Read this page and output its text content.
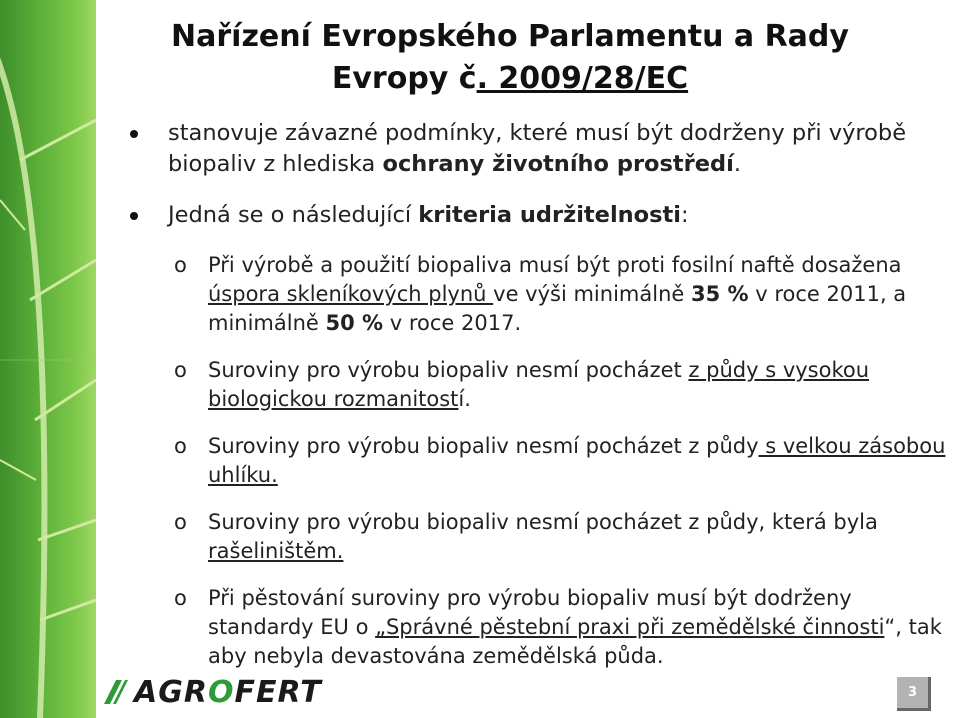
Nařízení Evropského Parlamentu a Rady
Evropy č. 2009/28/EC
stanovuje závazné podmínky, které musí být dodrženy při výrobě biopaliv z hlediska ochrany životního prostředí.
Jedná se o následující kriteria udržitelnosti:
o Při výrobě a použití biopaliva musí být proti fosilní naftě dosažena úspora skleníkových plynů ve výši minimálně 35 % v roce 2011, a minimálně 50 % v roce 2017.
o Suroviny pro výrobu biopaliv nesmí pocházet z půdy s vysokou biologickou rozmanitostí.
o Suroviny pro výrobu biopaliv nesmí pocházet z půdy s velkou zásobou uhlíku.
o Suroviny pro výrobu biopaliv nesmí pocházet z půdy, která byla rašeliništěm.
o Při pěstování suroviny pro výrobu biopaliv musí být dodrženy standardy EU o „Správné pěstební praxi při zemědělské činnosti“, tak aby nebyla devastována zemědělská půda.
AGROFERT	3
